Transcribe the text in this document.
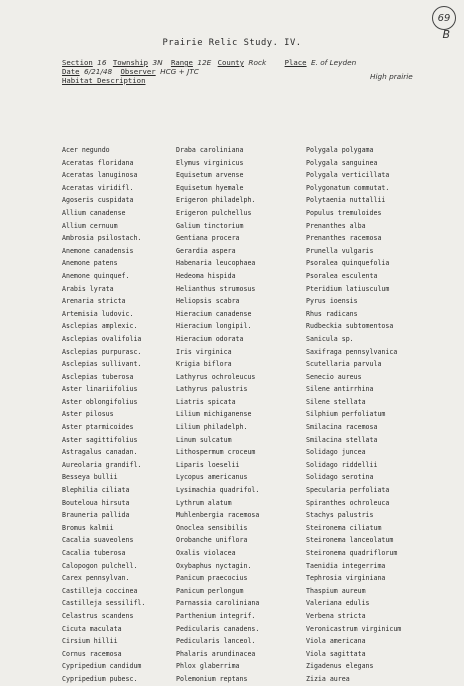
69
B
Prairie Relic Study. IV.
Section 16 Township 3N Range 12E County Rock	Place E. of Leyden
Date 6/21/48 Observer HCG + JTC
Habitat Description	High prairie
Acer negundo
Aceratas floridana
Aceratas lanuginosa
Aceratas viridifl.
Agoseris cuspidata
Allium canadense
Allium cernuum
Ambrosia psilostach.
Anemone canadensis
Anemone patens
Anemone quinquef.
Arabis lyrata
Arenaria stricta
Artemisia ludovic.
Asclepias amplexic.
Asclepias ovalifolia
Asclepias purpurasc.
Asclepias sullivant.
Asclepias tuberosa
Aster linariifolius
Aster oblongifolius
Aster pilosus
Aster ptarmicoides
Aster sagittifolius
Astragalus canadan.
Aureolaria grandifl.
Besseya bullii
Blephilia ciliata
Bouteloua hirsuta
Brauneria pallida
Bromus kalmii
Cacalia suaveolens
Cacalia tuberosa
Calopogon pulchell.
Carex pennsylvan.
Castilleja coccinea
Castilleja sessilifl.
Celastrus scandens
Cicuta maculata
Cirsium hillii
Cornus racemosa
Cypripedium candidum
Cypripedium pubesc.
Draba caroliniana
Elymus virginicus
Equisetum arvense
Equisetum hyemale
Erigeron philadelph.
Erigeron pulchellus
Galium tinctorium
Gentiana procera
Gerardia aspera
Habenaria leucophaea
Hedeoma hispida
Helianthus strumosus
Heliopsis scabra
Hieracium canadense
Hieracium longipil.
Hieracium odorata
Iris virginica
Krigia biflora
Lathyrus ochroleucus
Lathyrus palustris
Liatris spicata
Lilium michiganense
Lilium philadelph.
Linum sulcatum
Lithospermum croceum
Liparis loeselii
Lycopus americanus
Lysimachia quadrifol.
Lythrum alatum
Muhlenbergia racemosa
Onoclea sensibilis
Orobanche uniflora
Oxalis violacea
Oxybaphus nyctagin.
Panicum praecocius
Panicum perlongum
Parnassia caroliniana
Parthenium integrif.
Pedicularis canadens.
Pedicularis lanceol.
Phalaris arundinacea
Phlox glaberrima
Polemonium reptans
Polygala polygama
Polygala sanguinea
Polygala verticillata
Polygonatum commutat.
Polytaenia nuttallii
Populus tremuloides
Prenanthes alba
Prenanthes racemosa
Prunella vulgaris
Psoralea quinquefolia
Psoralea esculenta
Pteridium latiusculum
Pyrus ioensis
Rhus radicans
Rudbeckia subtomentosa
Sanicula sp.
Saxifraga pennsylvanica
Scutellaria parvula
Senecio aureus
Silene antirrhina
Silene stellata
Silphium perfoliatum
Smilacina racemosa
Smilacina stellata
Solidago juncea
Solidago riddellii
Solidago serotina
Specularia perfoliata
Spiranthes ochroleuca
Stachys palustris
Steironema ciliatum
Steironema lanceolatum
Steironema quadriflorum
Taenidia integerrima
Tephrosia virginiana
Thaspium aureum
Valeriana edulis
Verbena stricta
Veronicastrum virginicum
Viola americana
Viola sagittata
Zigadenus elegans
Zizia aurea
